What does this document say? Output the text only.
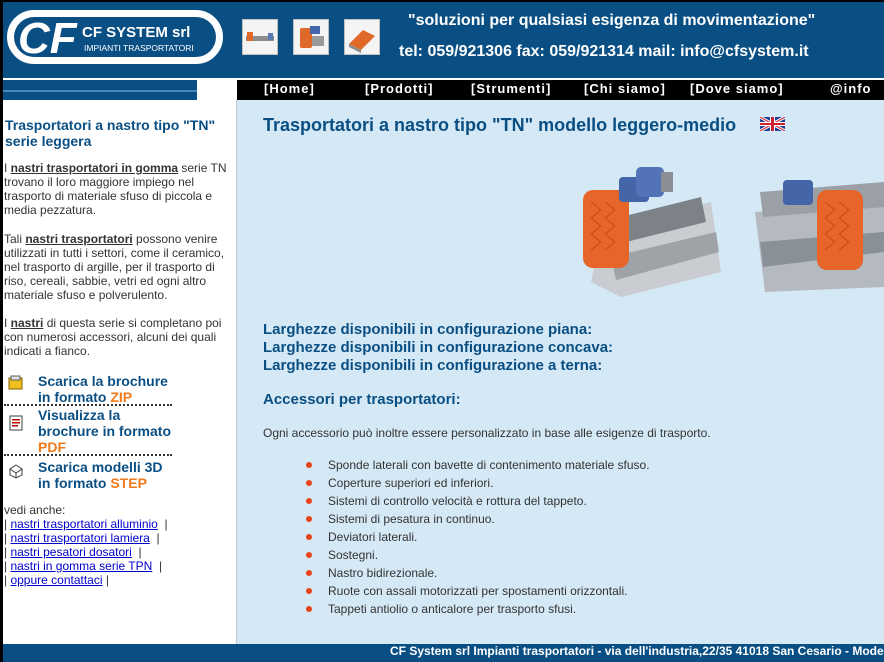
CF CF SYSTEM srl
IMPIANTI TRASPORTATORI
"soluzioni per qualsiasi esigenza di movimentazione"
tel: 059/921306 fax: 059/921314 mail: info@cfsystem.it
[Home]	[Prodotti]	[Strumenti]	[Chi siamo] [Dove siamo]	@info
Trasportatori a nastro tipo "TN" serie leggera
I nastri trasportatori in gomma serie TN trovano il loro maggiore impiego nel trasporto di materiale sfuso di piccola e media pezzatura.
Tali nastri trasportatori possono venire utilizzati in tutti i settori, come il ceramico, nel trasporto di argille, per il trasporto di riso, cereali, sabbie, vetri ed ogni altro materiale sfuso e polverulento.
I nastri di questa serie si completano poi con numerosi accessori, alcuni dei quali indicati a fianco.
Scarica la brochure in formato ZIP
Visualizza la brochure in formato PDF
Scarica modelli 3D in formato STEP
vedi anche:
| nastri trasportatori alluminio  |
| nastri trasportatori lamiera  |
| nastri pesatori dosatori  |
| nastri in gomma serie TPN  |
| oppure contattaci |
Trasportatori a nastro tipo "TN" modello leggero-medio
Larghezze disponibili in configurazione piana:
Larghezze disponibili in configurazione concava:
Larghezze disponibili in configurazione a terna:
Accessori per trasportatori:
Ogni accessorio può inoltre essere personalizzato in base alle esigenze di trasporto.
Sponde laterali con bavette di contenimento materiale sfuso.
Coperture superiori ed inferiori.
Sistemi di controllo velocità e rottura del tappeto.
Sistemi di pesatura in continuo.
Deviatori laterali.
Sostegni.
Nastro bidirezionale.
Ruote con assali motorizzati per spostamenti orizzontali.
Tappeti antiolio o anticalore per trasporto sfusi.
CF System srl Impianti trasportatori - via dell'industria,22/35 41018 San Cesario - Mode
